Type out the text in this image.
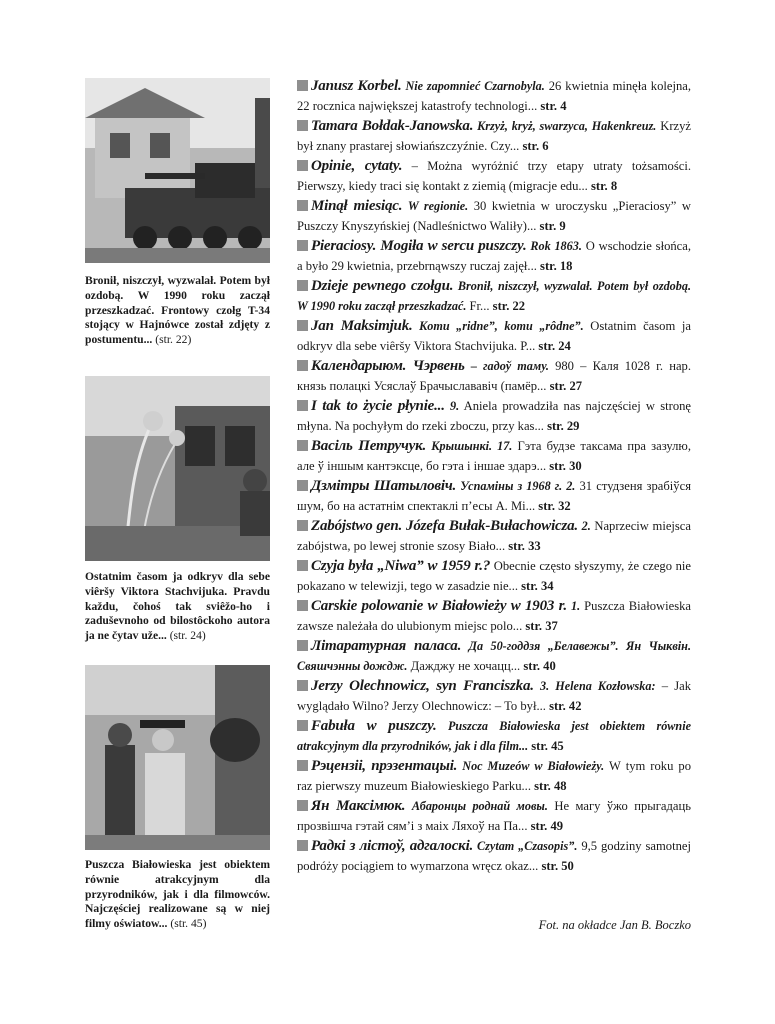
Bronił, niszczył, wyzwalał. Potem był ozdobą. W 1990 roku zaczął przeszkadzać. Frontowy czołg T-34 stojący w Hajnówce został zdjęty z postumentu... (str. 22)
Ostatnim časom ja odkryv dla sebe viêršy Viktora Stachvijuka. Pravdu každu, čohoś tak sviêžo-ho i zaduševnoho od bilostôckoho autora ja ne čytav uže... (str. 24)
Puszcza Białowieska jest obiektem równie atrakcyjnym dla przyrodników, jak i dla filmowców. Najczęściej realizowane są w niej filmy oświatow... (str. 45)
Janusz Korbel. Nie zapomnieć Czarnobyla. 26 kwietnia minęła kolejna, 22 rocznica największej katastrofy technologi... str. 4
Tamara Bołdak-Janowska. Krzyż, kryż, swarzyca, Hakenkreuz. Krzyż był znany prastarej słowiańszczyźnie. Czy... str. 6
Opinie, cytaty. – Można wyróżnić trzy etapy utraty tożsamości. Pierwszy, kiedy traci się kontakt z ziemią (migracje edu... str. 8
Minął miesiąc. W regionie. 30 kwietnia w uroczysku „Pieraciosy” w Puszczy Knyszyńskiej (Nadleśnictwo Waliły)... str. 9
Pieraciosy. Mogiła w sercu puszczy. Rok 1863. O wschodzie słońca, a było 29 kwietnia, przebrnąwszy ruczaj zajęł... str. 18
Dzieje pewnego czołgu. Bronił, niszczył, wyzwalał. Potem był ozdobą. W 1990 roku zaczął przeszkadzać. Fr... str. 22
Jan Maksimjuk. Komu „ridne”, komu „rôdne”. Ostatnim časom ja odkryv dla sebe viêršy Viktora Stachvijuka. P... str. 24
Календарыюм. Чэрвень – гадоў таму. 980 – Каля 1028 г. нар. князь полацкі Усяслаў Брачыслававіч (памёр... str. 27
I tak to życie płynie... 9. Aniela prowadziła nas najczęściej w stronę młyna. Na pochyłym do rzeki zboczu, przy kas... str. 29
Васіль Петручук. Крышынкі. 17. Гэта будзе таксама пра зазулю, але ў іншым кантэксце, бо гэта і іншае здарэ... str. 30
Дзмітры Шатыловіч. Успаміны з 1968 г. 2. 31 студзеня зрабіўся шум, бо на астатнім спектаклі п’есы А. Мі... str. 32
Zabójstwo gen. Józefa Bułak-Bułachowicza. 2. Naprzeciw miejsca zabójstwa, po lewej stronie szosy Biało... str. 33
Czyja była „Niwa” w 1959 r.? Obecnie często słyszymy, że czego nie pokazano w telewizji, tego w zasadzie nie... str. 34
Carskie polowanie w Białowieży w 1903 r. 1. Puszcza Białowieska zawsze należała do ulubionym miejsc polo... str. 37
Літаратурная паласа. Да 50-годдзя „Белавежы”. Ян Чыквін. Свяшчэнны дождж. Дажджу не хочацц... str. 40
Jerzy Olechnowicz, syn Franciszka. 3. Helena Kozłowska: – Jak wyglądało Wilno? Jerzy Olechnowicz: – To był... str. 42
Fabuła w puszczy. Puszcza Białowieska jest obiektem równie atrakcyjnym dla przyrodników, jak i dla film... str. 45
Рэцензіі, прэзентацыі. Noc Muzeów w Białowieży. W tym roku po raz pierwszy muzeum Białowieskiego Parku... str. 48
Ян Максімюк. Абаронцы роднай мовы. Не магу ўжо прыгадаць прозвішча гэтай сям’і з маіх Ляхоў на Па... str. 49
Радкі з лістоў, адгалоскі. Czytam „Czasopis”. 9,5 godziny samotnej podróży pociągiem to wymarzona wręcz okaz... str. 50
Fot. na okładce Jan B. Boczko
